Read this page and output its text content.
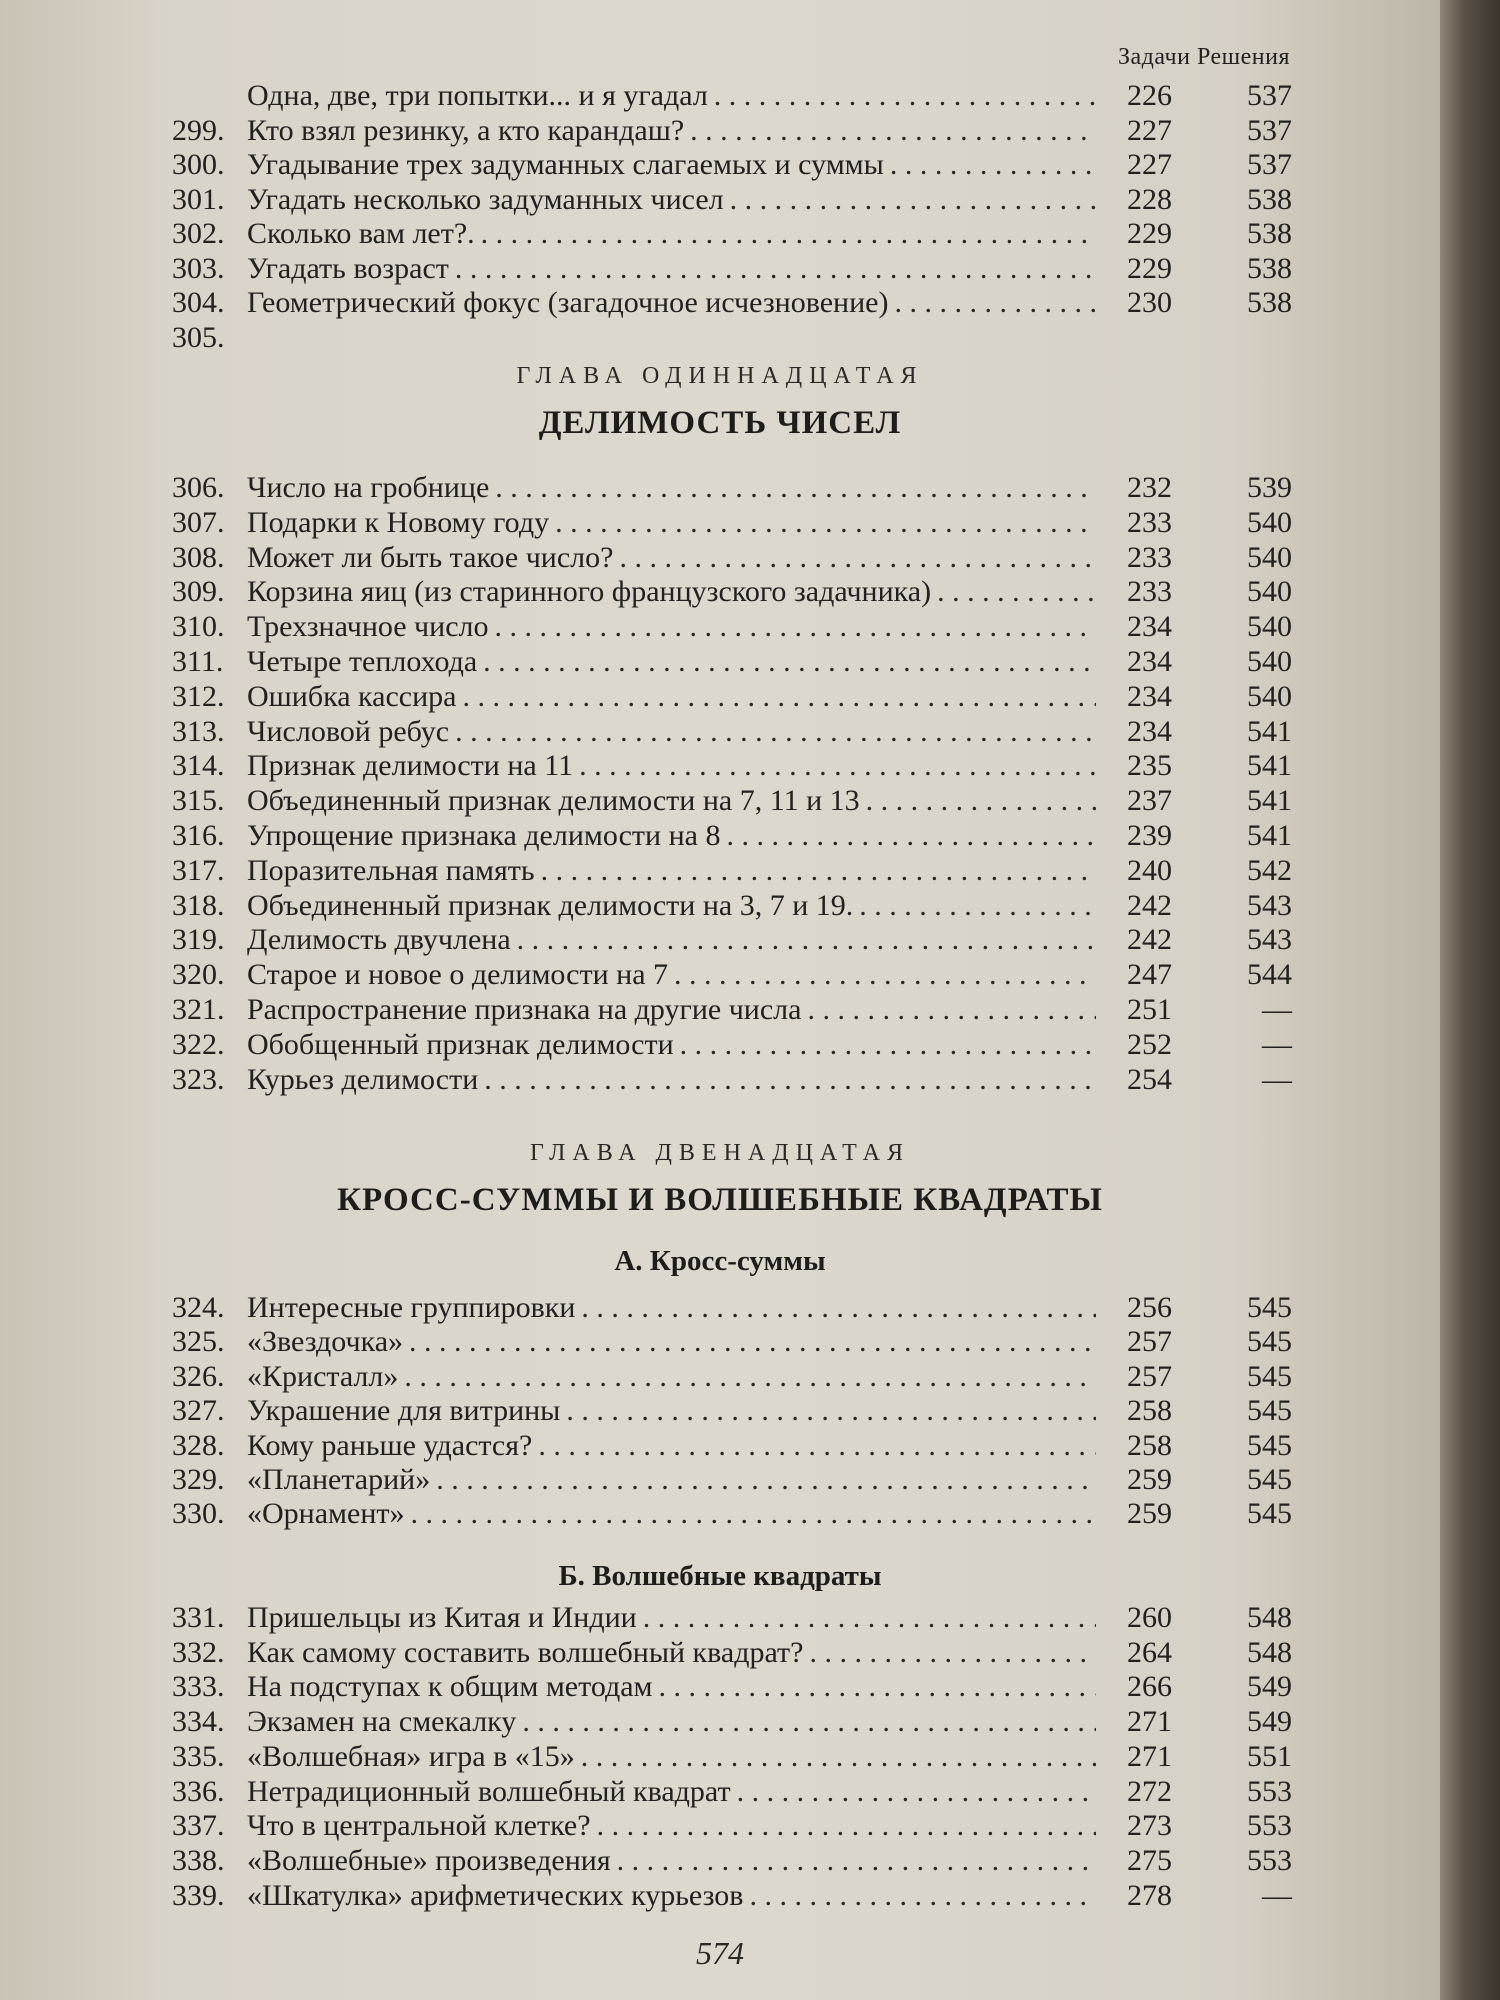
Задачи Решения
Одна, две, три попытки... и я угадал . . .	226	537
299. Кто взял резинку, а кто карандаш? . . .	227	537
300. Угадывание трех задуманных слагаемых и суммы . . .	227	537
301. Угадать несколько задуманных чисел . . .	228	538
302. Сколько вам лет?. . . .	229	538
303. Угадать возраст . . .	229	538
304. Геометрический фокус (загадочное исчезновение) . . .	230	538
305.
ГЛАВА ОДИННАДЦАТАЯ
ДЕЛИМОСТЬ ЧИСЕЛ
306. Число на гробнице . . .	232	539
307. Подарки к Новому году . . .	233	540
308. Может ли быть такое число? . . .	233	540
309. Корзина яиц (из старинного французского задачника) . . .	233	540
310. Трехзначное число . . .	234	540
311. Четыре теплохода . . .	234	540
312. Ошибка кассира . . .	234	540
313. Числовой ребус . . .	234	541
314. Признак делимости на 11 . . .	235	541
315. Объединенный признак делимости на 7, 11 и 13 . . .	237	541
316. Упрощение признака делимости на 8 . . .	239	541
317. Поразительная память . . .	240	542
318. Объединенный признак делимости на 3, 7 и 19. . . .	242	543
319. Делимость двучлена . . .	242	543
320. Старое и новое о делимости на 7 . . .	247	544
321. Распространение признака на другие числа . . .	251	—
322. Обобщенный признак делимости . . .	252	—
323. Курьез делимости . . .	254	—
ГЛАВА ДВЕНАДЦАТАЯ
КРОСС-СУММЫ И ВОЛШЕБНЫЕ КВАДРАТЫ
А. Кросс-суммы
324. Интересные группировки . . .	256	545
325. «Звездочка» . . .	257	545
326. «Кристалл» . . .	257	545
327. Украшение для витрины . . .	258	545
328. Кому раньше удастся? . . .	258	545
329. «Планетарий» . . .	259	545
330. «Орнамент» . . .	259	545
Б. Волшебные квадраты
331. Пришельцы из Китая и Индии . . .	260	548
332. Как самому составить волшебный квадрат? . . .	264	548
333. На подступах к общим методам . . .	266	549
334. Экзамен на смекалку . . .	271	549
335. «Волшебная» игра в «15» . . .	271	551
336. Нетрадиционный волшебный квадрат . . .	272	553
337. Что в центральной клетке? . . .	273	553
338. «Волшебные» произведения . . .	275	553
339. «Шкатулка» арифметических курьезов . . .	278	—
574
